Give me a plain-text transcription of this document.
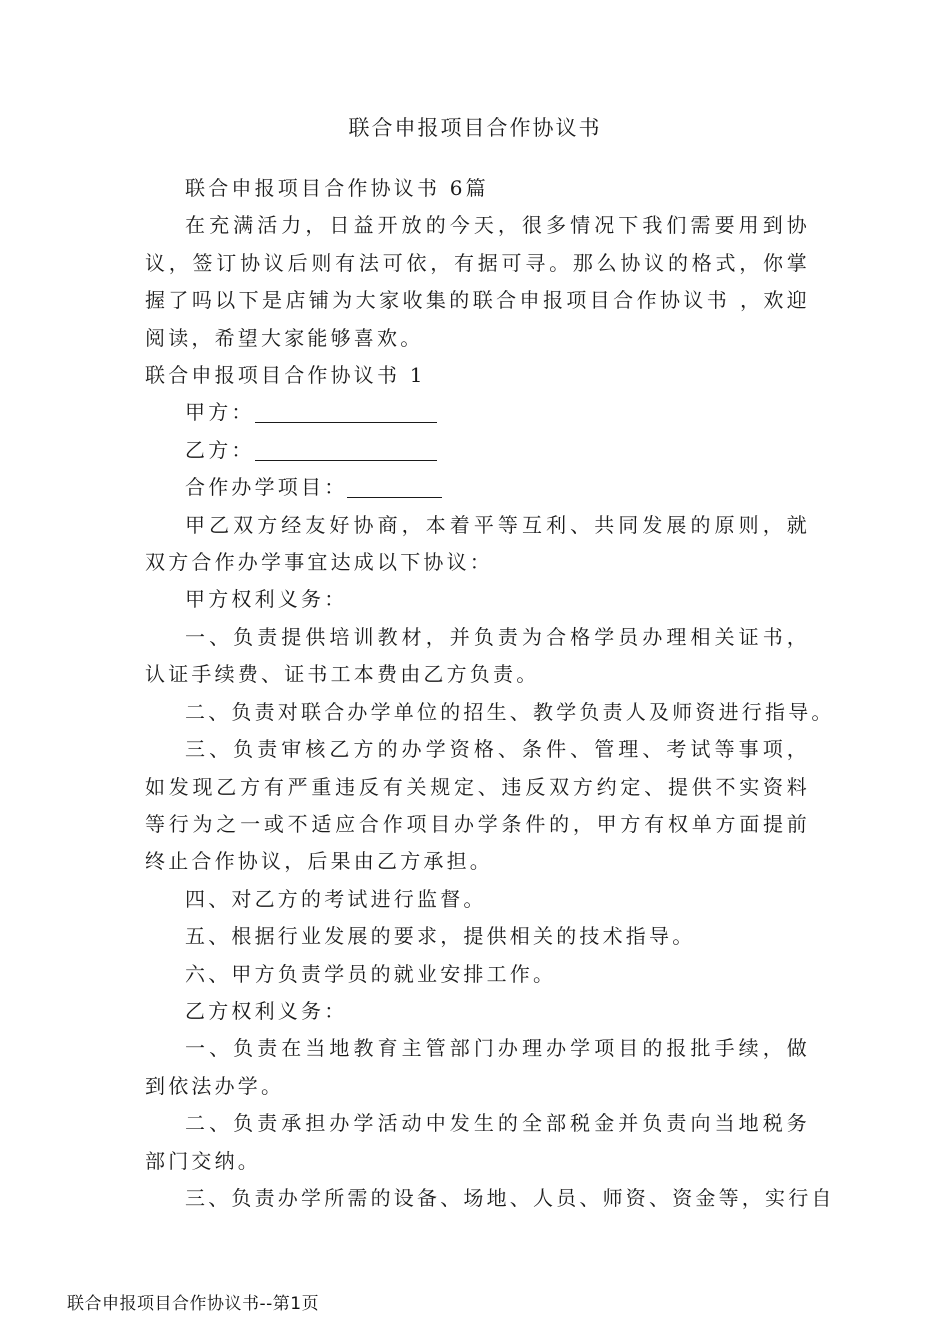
联合申报项目合作协议书

联合申报项目合作协议书 6篇

在充满活力，日益开放的今天，很多情况下我们需要用到协议，签订协议后则有法可依，有据可寻。那么协议的格式，你掌握了吗以下是店铺为大家收集的联合申报项目合作协议书 ，欢迎阅读，希望大家能够喜欢。

联合申报项目合作协议书 1

甲方：

乙方：

合作办学项目：

甲乙双方经友好协商，本着平等互利、共同发展的原则，就双方合作办学事宜达成以下协议：

甲方权利义务：

一、负责提供培训教材，并负责为合格学员办理相关证书，认证手续费、证书工本费由乙方负责。

二、负责对联合办学单位的招生、教学负责人及师资进行指导。

三、负责审核乙方的办学资格、条件、管理、考试等事项，如发现乙方有严重违反有关规定、违反双方约定、提供不实资料等行为之一或不适应合作项目办学条件的，甲方有权单方面提前终止合作协议，后果由乙方承担。

四、对乙方的考试进行监督。

五、根据行业发展的要求，提供相关的技术指导。

六、甲方负责学员的就业安排工作。

乙方权利义务：

一、负责在当地教育主管部门办理办学项目的报批手续，做到依法办学。

二、负责承担办学活动中发生的全部税金并负责向当地税务部门交纳。

三、负责办学所需的设备、场地、人员、师资、资金等，实行自

联合申报项目合作协议书--第1页
